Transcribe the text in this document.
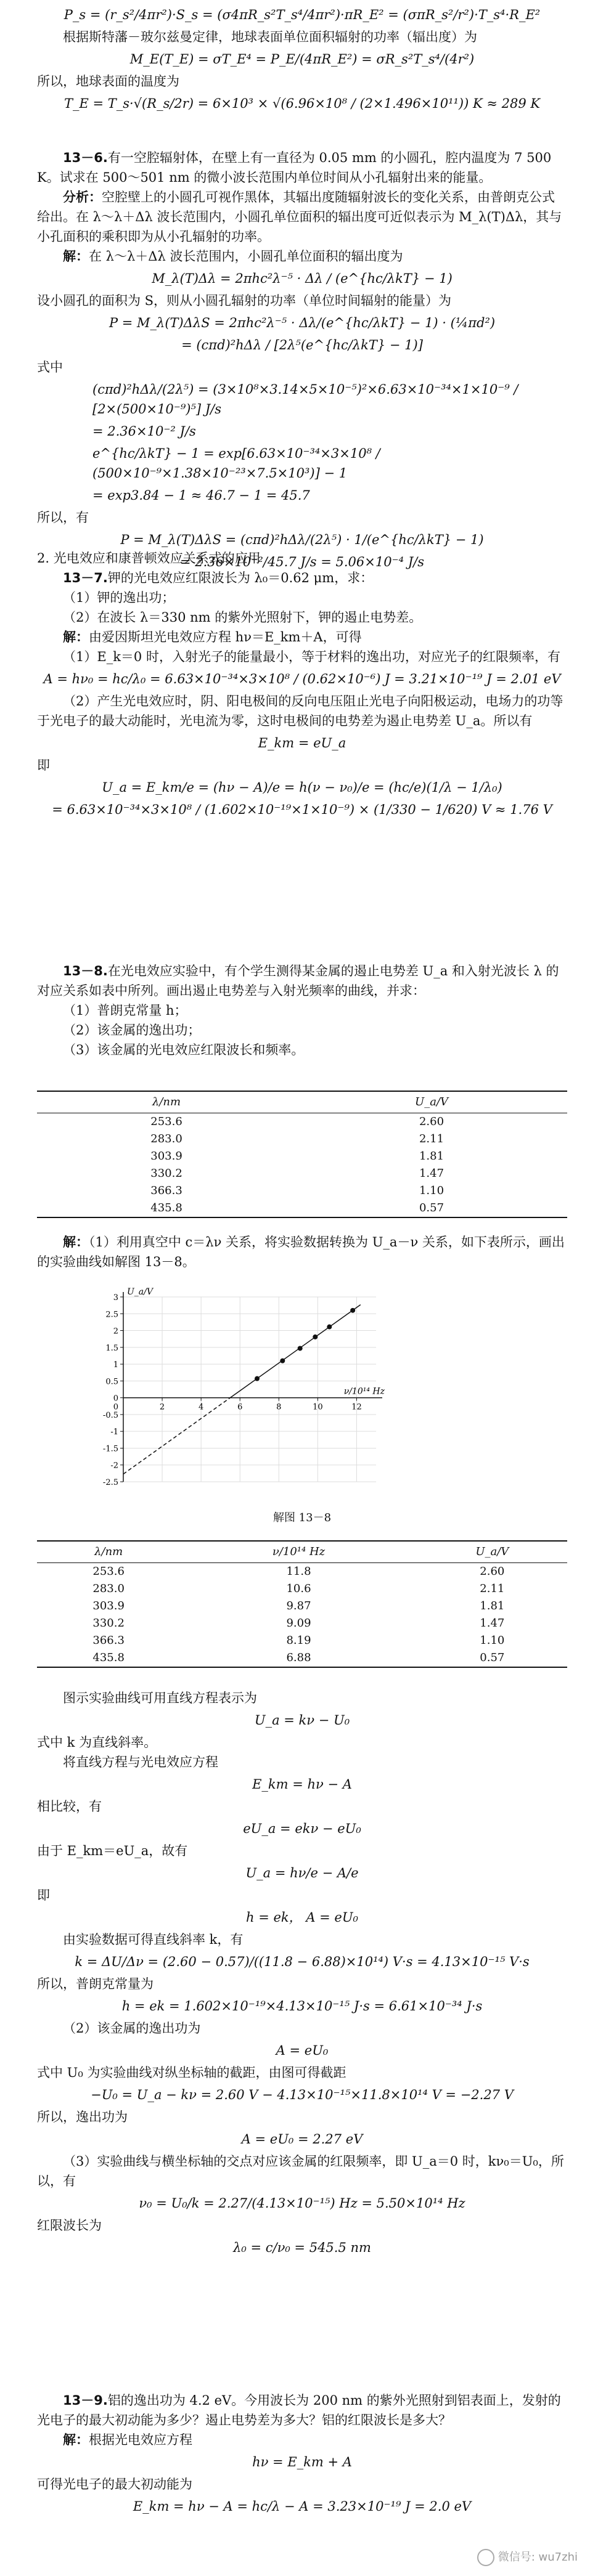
P_s = (r_s²/4πr²)·S_s = (σ4πR_s²T_s⁴/4πr²)·πR_E² = (σπR_s²/r²)·T_s⁴·R_E²

根据斯特藩－玻尔兹曼定律，地球表面单位面积辐射的功率（辐出度）为

M_E(T_E) = σT_E⁴ = P_E/(4πR_E²) = σR_s²T_s⁴/(4r²)

所以，地球表面的温度为

T_E = T_s·√(R_s/2r) = 6×10³ × √(6.96×10⁸ / (2×1.496×10¹¹)) K ≈ 289 K

13－6.有一空腔辐射体，在壁上有一直径为 0.05 mm 的小圆孔，腔内温度为 7 500 K。试求在 500～501 nm 的微小波长范围内单位时间从小孔辐射出来的能量。

分析：空腔壁上的小圆孔可视作黑体，其辐出度随辐射波长的变化关系，由普朗克公式给出。在 λ～λ＋Δλ 波长范围内，小圆孔单位面积的辐出度可近似表示为 M_λ(T)Δλ，其与小孔面积的乘积即为从小孔辐射的功率。

解：在 λ～λ＋Δλ 波长范围内，小圆孔单位面积的辐出度为

M_λ(T)Δλ = 2πhc²λ⁻⁵ · Δλ / (e^{hc/λkT} − 1)

设小圆孔的面积为 S，则从小圆孔辐射的功率（单位时间辐射的能量）为

P = M_λ(T)ΔλS = 2πhc²λ⁻⁵ · Δλ/(e^{hc/λkT} − 1) · (¼πd²)
= (cπd)²hΔλ / [2λ⁵(e^{hc/λkT} − 1)]

式中

(cπd)²hΔλ/(2λ⁵) = (3×10⁸×3.14×5×10⁻⁵)²×6.63×10⁻³⁴×1×10⁻⁹ / [2×(500×10⁻⁹)⁵] J/s
= 2.36×10⁻² J/s
e^{hc/λkT} − 1 = exp[6.63×10⁻³⁴×3×10⁸ / (500×10⁻⁹×1.38×10⁻²³×7.5×10³)] − 1
= exp3.84 − 1 ≈ 46.7 − 1 = 45.7

所以，有

P = M_λ(T)ΔλS = (cπd)²hΔλ/(2λ⁵) · 1/(e^{hc/λkT} − 1)
= 2.36×10⁻²/45.7 J/s = 5.06×10⁻⁴ J/s

2. 光电效应和康普顿效应关系式的应用

13－7.钾的光电效应红限波长为 λ₀＝0.62 μm，求：

（1）钾的逸出功；

（2）在波长 λ＝330 nm 的紫外光照射下，钾的遏止电势差。

解：由爱因斯坦光电效应方程 hν＝E_km＋A，可得

（1）E_k＝0 时，入射光子的能量最小，等于材料的逸出功，对应光子的红限频率，有

A = hν₀ = hc/λ₀ = 6.63×10⁻³⁴×3×10⁸ / (0.62×10⁻⁶) J = 3.21×10⁻¹⁹ J = 2.01 eV

（2）产生光电效应时，阴、阳电极间的反向电压阻止光电子向阳极运动，电场力的功等于光电子的最大动能时，光电流为零，这时电极间的电势差为遏止电势差 U_a。所以有

E_km = eU_a

即

U_a = E_km/e = (hν − A)/e = h(ν − ν₀)/e = (hc/e)(1/λ − 1/λ₀)
= 6.63×10⁻³⁴×3×10⁸ / (1.602×10⁻¹⁹×1×10⁻⁹) × (1/330 − 1/620) V ≈ 1.76 V

13－8.在光电效应实验中，有个学生测得某金属的遏止电势差 U_a 和入射光波长 λ 的对应关系如表中所列。画出遏止电势差与入射光频率的曲线，并求：

（1）普朗克常量 h；

（2）该金属的逸出功；

（3）该金属的光电效应红限波长和频率。

λ/nm	U_a/V
253.6	2.60
283.0	2.11
303.9	1.81
330.2	1.47
366.3	1.10
435.8	0.57

解：（1）利用真空中 c＝λν 关系，将实验数据转换为 U_a－ν 关系，如下表所示，画出的实验曲线如解图 13－8。

-2.5
-2
-1.5
-1
-0.5
0
0.5
1
1.5
2
2.5
3
2	4	6	8	10	12
0
U_a/V
ν/10¹⁴ Hz
解图 13－8
λ/nm	ν/10¹⁴ Hz	U_a/V
253.6	11.8	2.60
283.0	10.6	2.11
303.9	9.87	1.81
330.2	9.09	1.47
366.3	8.19	1.10
435.8	6.88	0.57

图示实验曲线可用直线方程表示为

U_a = kν − U₀

式中 k 为直线斜率。

将直线方程与光电效应方程

E_km = hν − A

相比较，有

eU_a = ekν − eU₀

由于 E_km＝eU_a，故有

U_a = hν/e − A/e

即

h = ek， A = eU₀

由实验数据可得直线斜率 k，有

k = ΔU/Δν = (2.60 − 0.57)/((11.8 − 6.88)×10¹⁴) V·s = 4.13×10⁻¹⁵ V·s

所以，普朗克常量为

h = ek = 1.602×10⁻¹⁹×4.13×10⁻¹⁵ J·s = 6.61×10⁻³⁴ J·s

（2）该金属的逸出功为

A = eU₀

式中 U₀ 为实验曲线对纵坐标轴的截距，由图可得截距

−U₀ = U_a − kν = 2.60 V − 4.13×10⁻¹⁵×11.8×10¹⁴ V = −2.27 V

所以，逸出功为

A = eU₀ = 2.27 eV

（3）实验曲线与横坐标轴的交点对应该金属的红限频率，即 U_a＝0 时，kν₀＝U₀，所以，有

ν₀ = U₀/k = 2.27/(4.13×10⁻¹⁵) Hz = 5.50×10¹⁴ Hz

红限波长为

λ₀ = c/ν₀ = 545.5 nm

13－9.铝的逸出功为 4.2 eV。今用波长为 200 nm 的紫外光照射到铝表面上，发射的光电子的最大初动能为多少？遏止电势差为多大？铝的红限波长是多大？

解：根据光电效应方程

hν = E_km + A

可得光电子的最大初动能为

E_km = hν − A = hc/λ − A = 3.23×10⁻¹⁹ J = 2.0 eV
微信号: wu7zhi
